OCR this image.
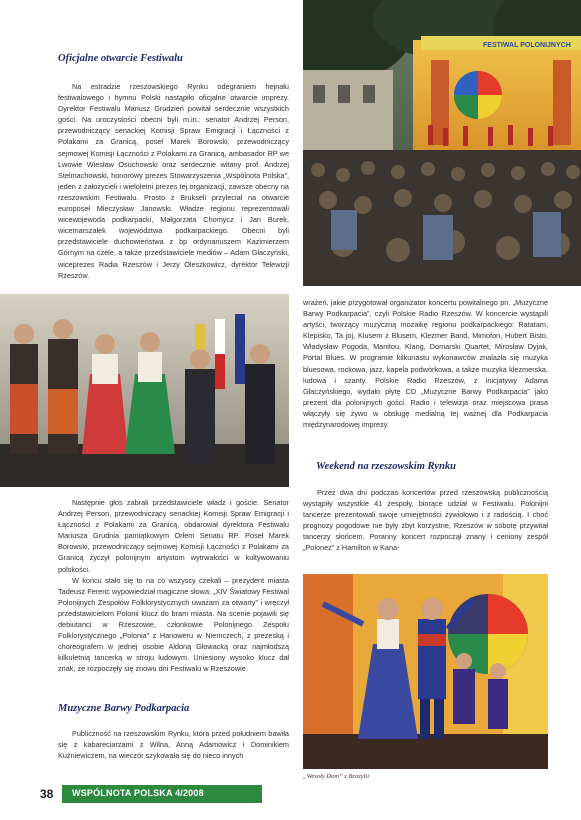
Oficjalne otwarcie Festiwalu

Na estradzie rzeszowskiego Rynku odegraniem hejnału festiwalowego i hymnu Polski nastąpiło oficjalne otwarcie imprezy. Dyrektor Festiwalu Mariusz Grudzień powitał serdecznie wszystkich gości. Na uroczystości obecni byli m.in.: senator Andrzej Person, przewodniczący senackiej Komisji Spraw Emigracji i Łączności z Polakami za Granicą, poseł Marek Borowski, przewodniczący sejmowej Komisji Łączności z Polakami za Granicą, ambasador RP we Lwowie Wiesław Osuchowski oraz serdecznie witany prof. Andrzej Stelmachowski, honorowy prezes Stowarzyszenia „Wspólnota Polska”, jeden z założycieli i wieloletni prezes tej organizacji, zawsze obecny na rzeszowskim Festiwalu. Prosto z Brukseli przyleciał na otwarcie europoseł Mieczysław Janowski. Władze regionu reprezentowali wicewojewoda podkarpacki, Małgorzata Chomycz i Jan Burek, wicemarszałek województwa podkarpackiego. Obecni byli przedstawiciele duchowieństwa z bp ordynariuszem Kazimierzem Górnym na czele, a także przedstawiciele mediów – Adam Głaczyński, wiceprezes Radia Rzeszów i Jerzy Oleszkowicz, dyrektor Telewizji Rzeszów.

FESTIWAL POLONIJNYCH

Następnie głos zabrali przedstawiciele władz i goście. Senator Andrzej Person, przewodniczący senackiej Komisji Spraw Emigracji i Łączności z Polakami za Granicą, obdarował dyrektora Festiwalu Mariusza Grudnia pamiątkowym Orłem Senatu RP. Poseł Marek Borowski, przewodniczący sejmowej Komisji Łączności z Polakami za Granicą życzył polonijnym artystom wytrwałości w kultywowaniu polskości.

W końcu stało się to na co wszyscy czekali – prezydent miasta Tadeusz Ferenc wypowiedział magiczne słowa: „XIV Światowy Festiwal Polonijnych Zespołów Folklorystycznych uważam za otwarty” i wręczył przedstawicielom Polonii klucz do bram miasta. Na scenie pojawili się debiutanci w Rzeszowie, członkowie Polonijnego Zespołu Folklorystycznego „Polonia” z Hanoweru w Niemczech, z prezeską i choreografem w jednej osobie Aldoną Głowacką oraz najmłodszą kilkuletnią tancerką w stroju ludowym. Uniesiony wysoko klucz dał znak, że rozpoczęły się znowu dni Festiwalu w Rzeszowie.

Muzyczne Barwy Podkarpacia

Publiczność na rzeszowskim Rynku, która przed południem bawiła się z kabareciarzami z Wilna, Anną Adamowicz i Dominikiem Kuźniewiczem, na wieczór szykowała się do nieco innych

wrażeń, jakie przygotował organizator koncertu powitalnego pn. „Muzyczne Barwy Podkarpacia”, czyli Polskie Radio Rzeszów. W koncercie wystąpili artyści, tworzący muzyczną mozaikę regionu podkarpackiego: Ratatam, Klepisko, Ta joj, Klusem z Blusem, Klezmer Band, Mimofon, Hubert Bisto, Władysław Pogoda, Manitou, Klang, Domarski Quartet, Mirosław Dyjak, Portal Blues. W programie kilkunastu wykonawców znalazła się muzyka bluesowa, rockowa, jazz, kapela podwórkowa, a także muzyka klezmerska, ludowa i szanty. Polskie Radio Rzeszów, z inicjatywy Adama Głaczyńskiego, wydało płytę CD „Muzyczne Barwy Podkarpacia” jako prezent dla polonijnych gości. Radio i telewizja oraz miejscowa prasa włączyły się żywo w obsługę medialną tej ważnej dla Podkarpacia międzynarodowej imprezy.

Weekend na rzeszowskim Rynku

Przez dwa dni podczas koncertów przed rzeszowską publicznością wystąpiły wszystkie 41 zespoły, biorące udział w Festiwalu. Polonijni tancerze prezentowali swoje umiejętności żywiołowo i z radością. I choć prognozy pogodowe nie były zbyt korzystne, Rzeszów w sobotę przywitał tancerzy słońcem. Poranny koncert rozpoczął znany i ceniony zespół „Polonez” z Hamilton w Kana-

„Wesoły Dom” z Brazylii
38 WSPÓLNOTA POLSKA 4/2008
